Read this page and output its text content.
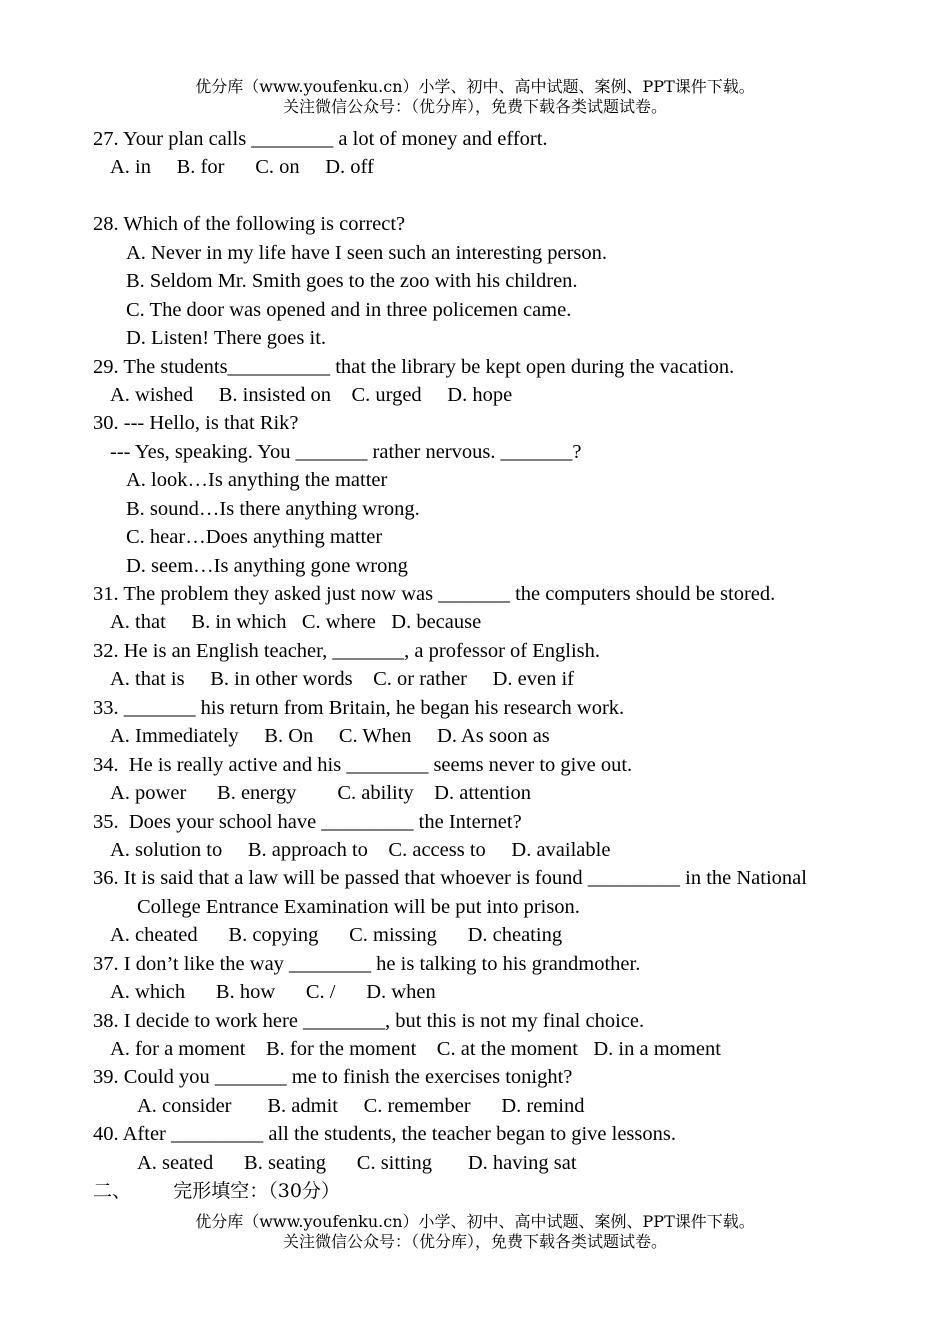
优分库（www.youfenku.cn）小学、初中、高中试题、案例、PPT课件下载。
关注微信公众号：（优分库），免费下载各类试题试卷。
27. Your plan calls ________ a lot of money and effort.
A. in     B. for      C. on     D. off
28. Which of the following is correct?
A. Never in my life have I seen such an interesting person.
B. Seldom Mr. Smith goes to the zoo with his children.
C. The door was opened and in three policemen came.
D. Listen! There goes it.
29. The students__________ that the library be kept open during the vacation.
A. wished     B. insisted on    C. urged     D. hope
30. --- Hello, is that Rik?
--- Yes, speaking. You _______ rather nervous. _______?
A. look…Is anything the matter
B. sound…Is there anything wrong.
C. hear…Does anything matter
D. seem…Is anything gone wrong
31. The problem they asked just now was _______ the computers should be stored.
A. that     B. in which   C. where   D. because
32. He is an English teacher, _______, a professor of English.
A. that is     B. in other words    C. or rather     D. even if
33. _______ his return from Britain, he began his research work.
A. Immediately     B. On     C. When     D. As soon as
34.  He is really active and his ________ seems never to give out.
A. power      B. energy        C. ability    D. attention
35.  Does your school have _________ the Internet?
A. solution to     B. approach to    C. access to     D. available
36. It is said that a law will be passed that whoever is found _________ in the National
College Entrance Examination will be put into prison.
A. cheated      B. copying      C. missing      D. cheating
37. I don’t like the way ________ he is talking to his grandmother.
A. which      B. how      C. /      D. when
38. I decide to work here ________, but this is not my final choice.
A. for a moment    B. for the moment    C. at the moment   D. in a moment
39. Could you _______ me to finish the exercises tonight?
A. consider       B. admit     C. remember      D. remind
40. After _________ all the students, the teacher began to give lessons.
A. seated      B. seating      C. sitting       D. having sat
二、       完形填空：（30分）
优分库（www.youfenku.cn）小学、初中、高中试题、案例、PPT课件下载。
关注微信公众号：（优分库），免费下载各类试题试卷。
